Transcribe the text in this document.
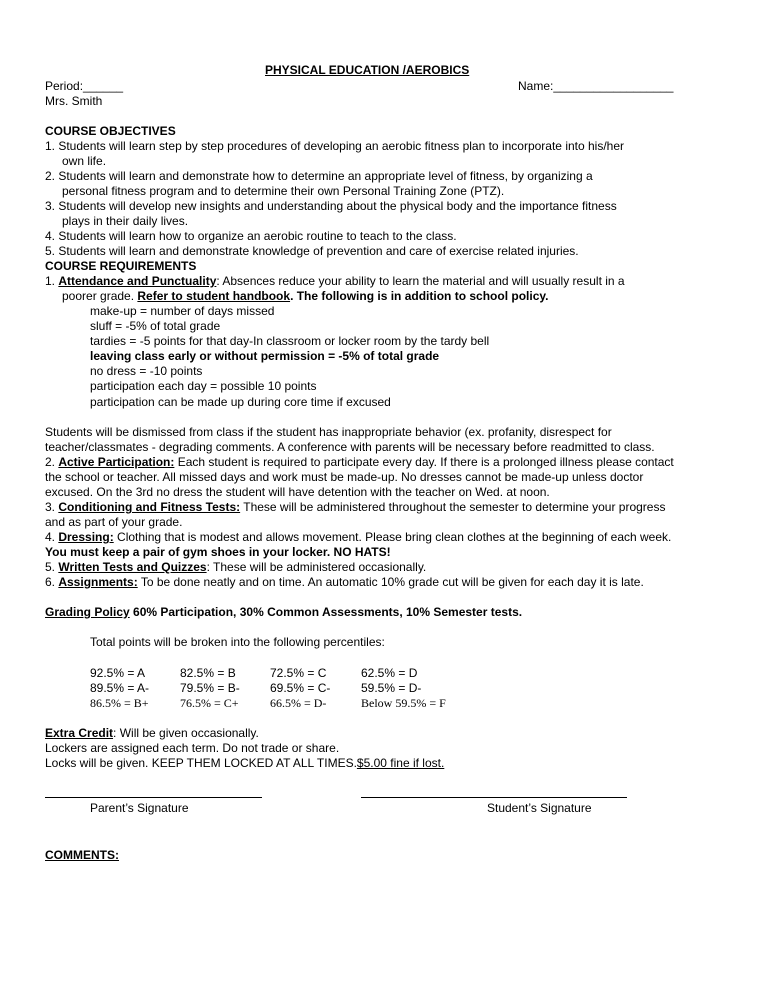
PHYSICAL EDUCATION /AEROBICS
Period:______	Name:__________________
Mrs. Smith
COURSE OBJECTIVES
1. Students will learn step by step procedures of developing an aerobic fitness plan to incorporate into his/her
own life.
2. Students will learn and demonstrate how to determine an appropriate level of fitness, by organizing a
personal fitness program and to determine their own Personal Training Zone (PTZ).
3. Students will develop new insights and understanding about the physical body and the importance fitness
plays in their daily lives.
4. Students will learn how to organize an aerobic routine to teach to the class.
5. Students will learn and demonstrate knowledge of prevention and care of exercise related injuries.
COURSE REQUIREMENTS
1. Attendance and Punctuality: Absences reduce your ability to learn the material and will usually result in a
poorer grade. Refer to student handbook. The following is in addition to school policy.
make-up = number of days missed
sluff = -5% of total grade
tardies = -5 points for that day-In classroom or locker room by the tardy bell
leaving class early or without permission = -5% of total grade
no dress = -10 points
participation each day = possible 10 points
participation can be made up during core time if excused
Students will be dismissed from class if the student has inappropriate behavior (ex. profanity, disrespect for
teacher/classmates - degrading comments. A conference with parents will be necessary before readmitted to class.
2. Active Participation: Each student is required to participate every day. If there is a prolonged illness please contact
the school or teacher. All missed days and work must be made-up. No dresses cannot be made-up unless doctor
excused. On the 3rd no dress the student will have detention with the teacher on Wed. at noon.
3. Conditioning and Fitness Tests: These will be administered throughout the semester to determine your progress
and as part of your grade.
4. Dressing: Clothing that is modest and allows movement. Please bring clean clothes at the beginning of each week.
You must keep a pair of gym shoes in your locker. NO HATS!
5. Written Tests and Quizzes: These will be administered occasionally.
6. Assignments: To be done neatly and on time. An automatic 10% grade cut will be given for each day it is late.
Grading Policy 60% Participation, 30% Common Assessments, 10% Semester tests.
Total points will be broken into the following percentiles:
92.5% = A	82.5% = B	72.5% = C	62.5% = D
89.5% = A-	79.5% = B-	69.5% = C-	59.5% = D-
86.5% = B+	76.5% = C+	66.5% = D-	Below 59.5% = F
Extra Credit: Will be given occasionally.
Lockers are assigned each term. Do not trade or share.
Locks will be given. KEEP THEM LOCKED AT ALL TIMES.$5.00 fine if lost.
Parent’s Signature	Student’s Signature
COMMENTS:
